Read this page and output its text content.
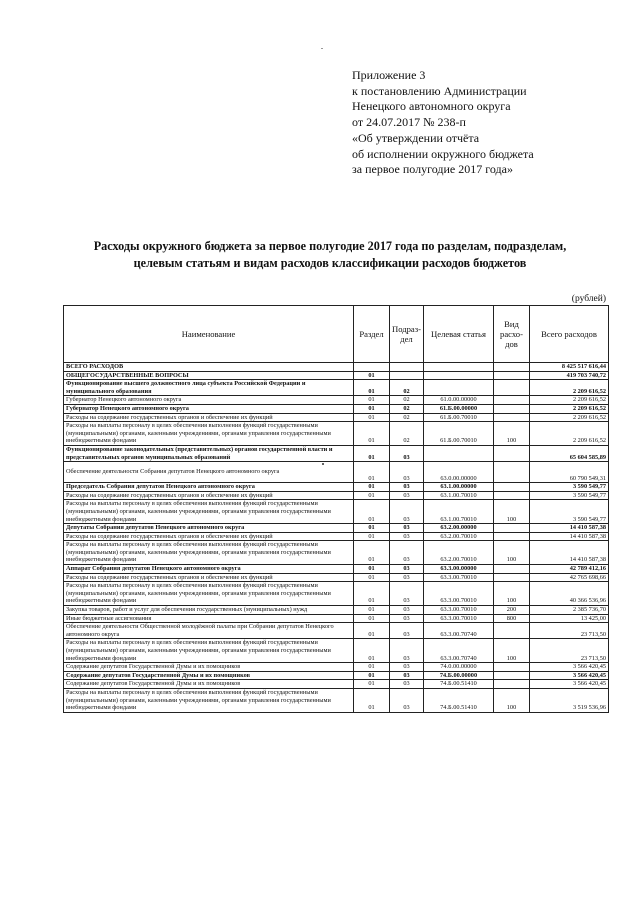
Приложение 3
к постановлению Администрации
Ненецкого автономного округа
от 24.07.2017 № 238-п
«Об утверждении отчёта
об исполнении окружного бюджета
за первое полугодие 2017 года»
Расходы окружного бюджета за первое полугодие 2017 года по разделам, подразделам,
целевым статьям и видам расходов классификации расходов бюджетов
(рублей)
Наименование	Раздел	Подраз-дел	Целевая статья	Вид расхо-дов	Всего расходов
ВСЕГО РАСХОДОВ					8 425 517 616,44
ОБЩЕГОСУДАРСТВЕННЫЕ ВОПРОСЫ	01				419 703 740,72
Функционирование высшего должностного лица субъекта Российской Федерации и муниципального образования	01	02			2 209 616,52
Губернатор Ненецкого автономного округа	01	02	61.0.00.00000		2 209 616,52
Губернатор Ненецкого автономного округа	01	02	61.Б.00.00000		2 209 616,52
Расходы на содержание государственных органов и обеспечение их функций	01	02	61.Б.00.70010		2 209 616,52
Расходы на выплаты персоналу в целях обеспечения выполнения функций государственными (муниципальными) органами, казенными учреждениями, органами управления государственными внебюджетными фондами	01	02	61.Б.00.70010	100	2 209 616,52
Функционирование законодательных (представительных) органов государственной власти и представительных органов муниципальных образований	01	03			65 604 585,89
Обеспечение деятельности Собрания депутатов Ненецкого автономного округа	01	03	63.0.00.00000		60 790 549,31
Председатель Собрания депутатов Ненецкого автономного округа	01	03	63.1.00.00000		3 590 549,77
Расходы на содержание государственных органов и обеспечение их функций	01	03	63.1.00.70010		3 590 549,77
Расходы на выплаты персоналу в целях обеспечения выполнения функций государственными (муниципальными) органами, казенными учреждениями, органами управления государственными внебюджетными фондами	01	03	63.1.00.70010	100	3 590 549,77
Депутаты Собрания депутатов Ненецкого автономного округа	01	03	63.2.00.00000		14 410 587,38
Расходы на содержание государственных органов и обеспечение их функций	01	03	63.2.00.70010		14 410 587,38
Расходы на выплаты персоналу в целях обеспечения выполнения функций государственными (муниципальными) органами, казенными учреждениями, органами управления государственными внебюджетными фондами	01	03	63.2.00.70010	100	14 410 587,38
Аппарат Собрания депутатов Ненецкого автономного округа	01	03	63.3.00.00000		42 789 412,16
Расходы на содержание государственных органов и обеспечение их функций	01	03	63.3.00.70010		42 765 698,66
Расходы на выплаты персоналу в целях обеспечения выполнения функций государственными (муниципальными) органами, казенными учреждениями, органами управления государственными внебюджетными фондами	01	03	63.3.00.70010	100	40 366 536,96
Закупка товаров, работ и услуг для обеспечения государственных (муниципальных) нужд	01	03	63.3.00.70010	200	2 385 736,70
Иные бюджетные ассигнования	01	03	63.3.00.70010	800	13 425,00
Обеспечение деятельности Общественной молодёжной палаты при Собрании депутатов Ненецкого автономного округа	01	03	63.3.00.70740		23 713,50
Расходы на выплаты персоналу в целях обеспечения выполнения функций государственными (муниципальными) органами, казенными учреждениями, органами управления государственными внебюджетными фондами	01	03	63.3.00.70740	100	23 713,50
Содержание депутатов Государственной Думы и их помощников	01	03	74.0.00.00000		3 566 420,45
Содержание депутатов Государственной Думы и их помощников	01	03	74.Б.00.00000		3 566 420,45
Содержание депутатов Государственной Думы и их помощников	01	03	74.Б.00.51410		3 566 420,45
Расходы на выплаты персоналу в целях обеспечения выполнения функций государственными (муниципальными) органами, казенными учреждениями, органами управления государственными внебюджетными фондами	01	03	74.Б.00.51410	100	3 519 536,96
